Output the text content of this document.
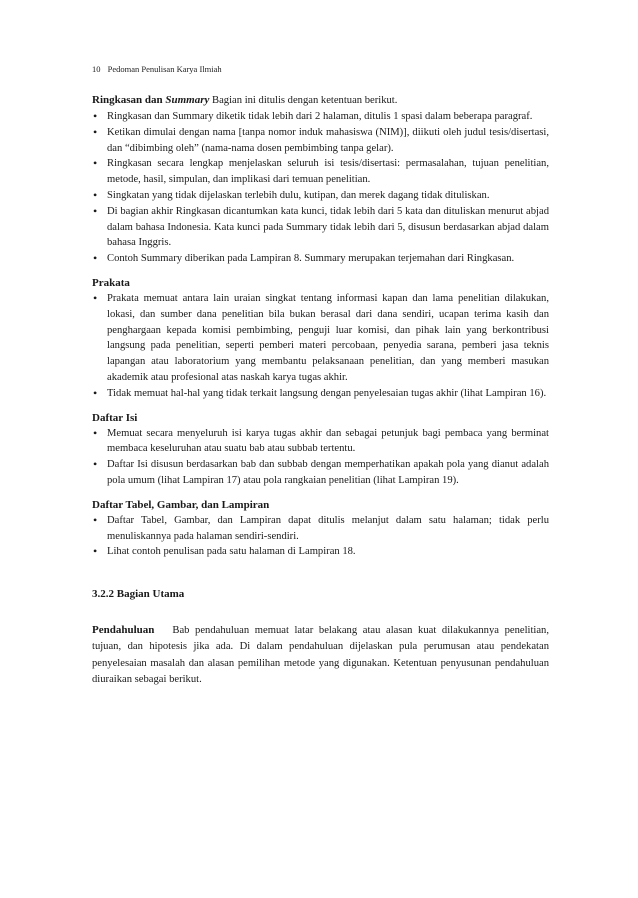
10 Pedoman Penulisan Karya Ilmiah

Ringkasan dan Summary Bagian ini ditulis dengan ketentuan berikut.

• Ringkasan dan Summary diketik tidak lebih dari 2 halaman, ditulis 1 spasi dalam beberapa paragraf.
• Ketikan dimulai dengan nama [tanpa nomor induk mahasiswa (NIM)], diikuti oleh judul tesis/disertasi, dan “dibimbing oleh” (nama-nama dosen pembimbing tanpa gelar).
• Ringkasan secara lengkap menjelaskan seluruh isi tesis/disertasi: permasalahan, tujuan penelitian, metode, hasil, simpulan, dan implikasi dari temuan penelitian.
• Singkatan yang tidak dijelaskan terlebih dulu, kutipan, dan merek dagang tidak dituliskan.
• Di bagian akhir Ringkasan dicantumkan kata kunci, tidak lebih dari 5 kata dan dituliskan menurut abjad dalam bahasa Indonesia. Kata kunci pada Summary tidak lebih dari 5, disusun berdasarkan abjad dalam bahasa Inggris.
• Contoh Summary diberikan pada Lampiran 8. Summary merupakan terjemahan dari Ringkasan.

Prakata

• Prakata memuat antara lain uraian singkat tentang informasi kapan dan lama penelitian dilakukan, lokasi, dan sumber dana penelitian bila bukan berasal dari dana sendiri, ucapan terima kasih dan penghargaan kepada komisi pembimbing, penguji luar komisi, dan pihak lain yang berkontribusi langsung pada penelitian, seperti pemberi materi percobaan, penyedia sarana, pemberi jasa teknis lapangan atau laboratorium yang membantu pelaksanaan penelitian, dan yang memberi masukan akademik atau profesional atas naskah karya tugas akhir.
• Tidak memuat hal-hal yang tidak terkait langsung dengan penyelesaian tugas akhir (lihat Lampiran 16).

Daftar Isi

• Memuat secara menyeluruh isi karya tugas akhir dan sebagai petunjuk bagi pembaca yang berminat membaca keseluruhan atau suatu bab atau subbab tertentu.
• Daftar Isi disusun berdasarkan bab dan subbab dengan memperhatikan apakah pola yang dianut adalah pola umum (lihat Lampiran 17) atau pola rangkaian penelitian (lihat Lampiran 19).

Daftar Tabel, Gambar, dan Lampiran

• Daftar Tabel, Gambar, dan Lampiran dapat ditulis melanjut dalam satu halaman; tidak perlu menuliskannya pada halaman sendiri-sendiri.
• Lihat contoh penulisan pada satu halaman di Lampiran 18.

3.2.2 Bagian Utama

Pendahuluan Bab pendahuluan memuat latar belakang atau alasan kuat dilakukannya penelitian, tujuan, dan hipotesis jika ada. Di dalam pendahuluan dijelaskan pula perumusan atau pendekatan penyelesaian masalah dan alasan pemilihan metode yang digunakan. Ketentuan penyusunan pendahuluan diuraikan sebagai berikut.
